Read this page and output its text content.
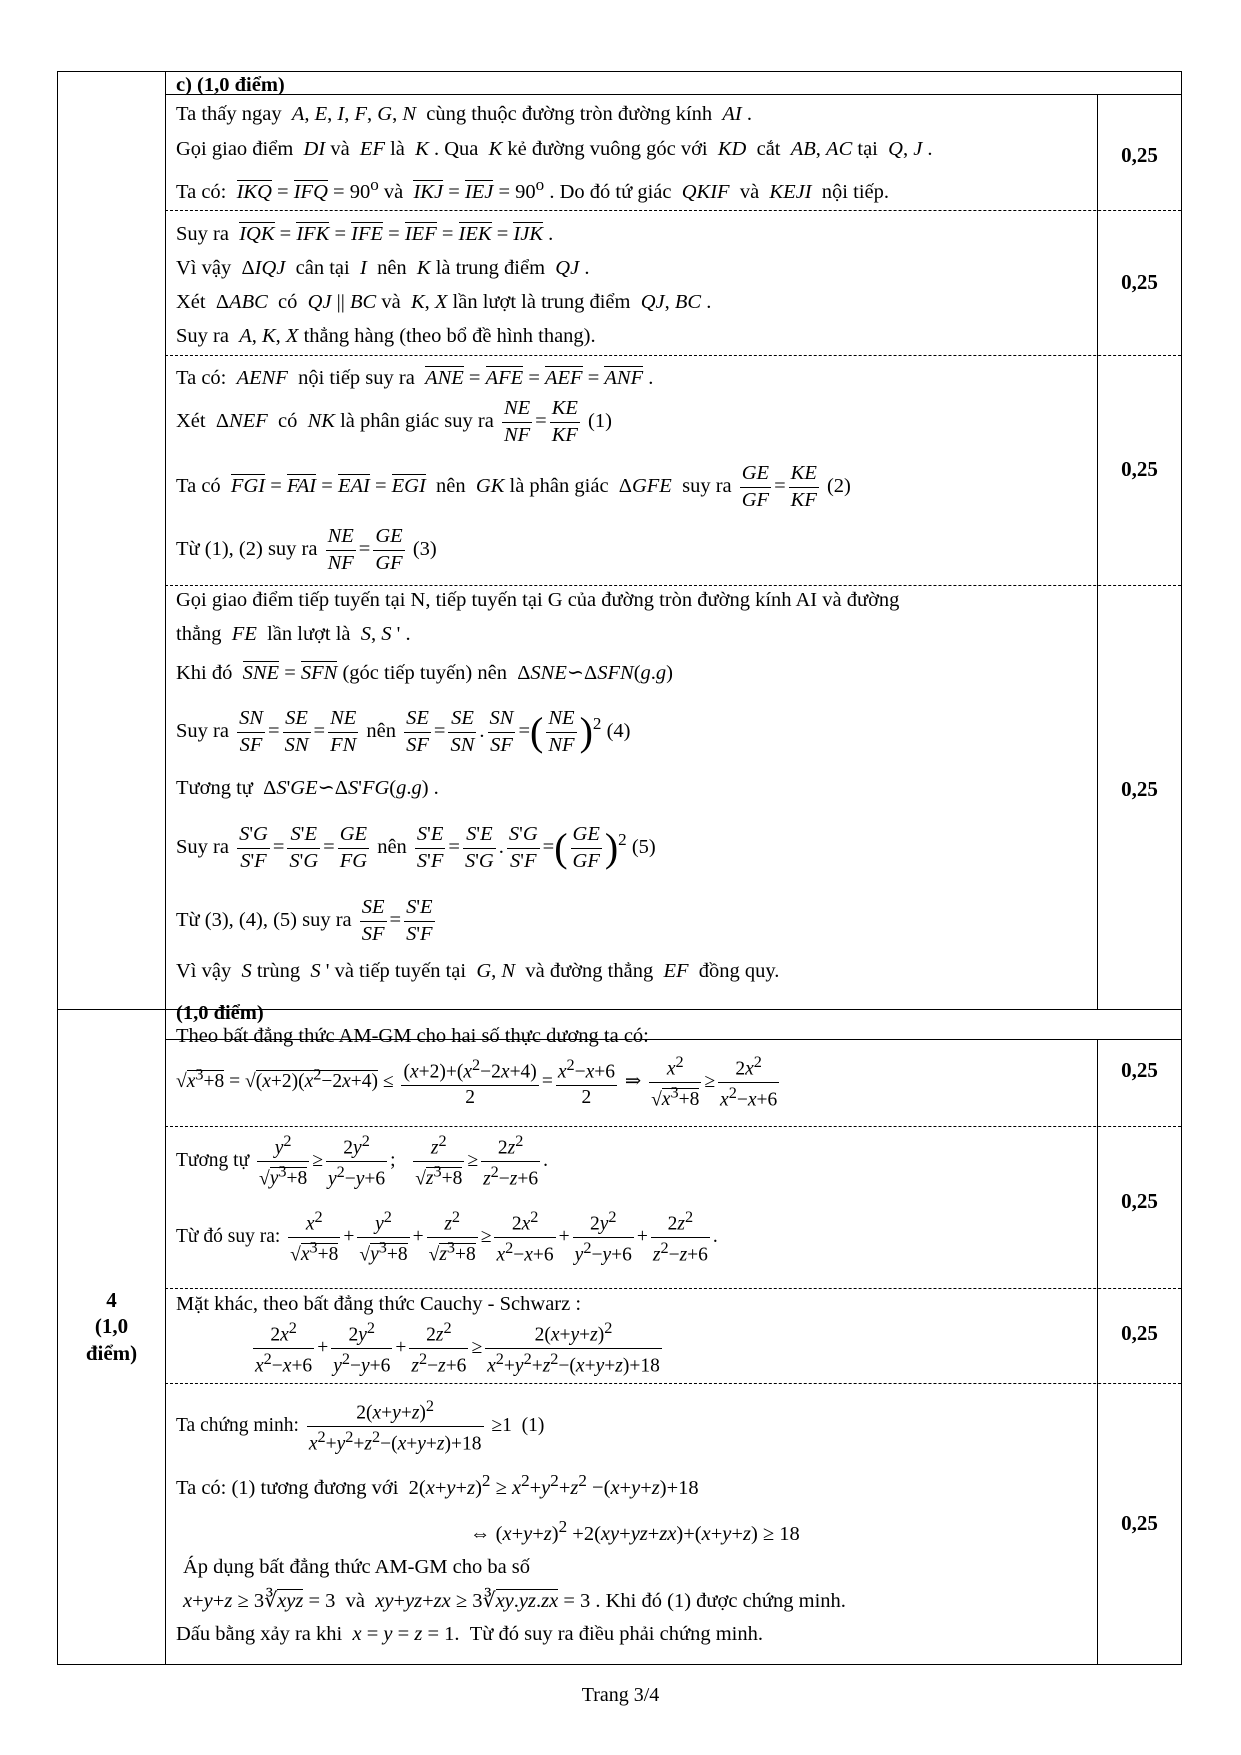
4
(1,0
điểm)
c) (1,0 điểm)
Ta thấy ngay  A, E, I, F, G, N  cùng thuộc đường tròn đường kính  AI .
Gọi giao điểm  DI và  EF là  K . Qua  K kẻ đường vuông góc với  KD  cắt  AB, AC tại  Q, J .
Ta có:  IKQ = IFQ = $90^o$ và  IKJ = IEJ = $90^o$ . Do đó tứ giác  QKIF  và  KEJI  nội tiếp.
0,25
Suy ra  IQK = IFK = IFE = IEF = IEK = IJK .
Vì vậy  ΔIQJ  cân tại  I  nên  K là trung điểm  QJ .
Xét  ΔABC  có  QJ || BC và  K, X lần lượt là trung điểm  QJ, BC .
Suy ra  A, K, X thẳng hàng (theo bổ đề hình thang).
0,25
Ta có:  AENF  nội tiếp suy ra  ANE = AFE = AEF = ANF .
Xét  ΔNEF  có  NK là phân giác suy ra $\frac{NE}{NF} = \frac{KE}{KF} (1)$
Ta có  FGI = FAI = EAI = EGI  nên  GK là phân giác  ΔGFE  suy ra $\frac{GE}{GF} = \frac{KE}{KF} (2)$
Từ (1), (2) suy ra $\frac{NE}{NF} = \frac{GE}{GF} (3)$
0,25
Gọi giao điểm tiếp tuyến tại N, tiếp tuyến tại G của đường tròn đường kính AI và đường
thẳng  FE  lần lượt là  S, S ' .
Khi đó  SNE = SFN (góc tiếp tuyến) nên  ΔSNE∽ΔSFN(g.g)
Suy ra $\frac{SN}{SF} = \frac{SE}{SN} = \frac{NE}{FN}$ nên $\frac{SE}{SF} = \frac{SE}{SN}$ . $\frac{SN}{SF}$ =( $\frac{NE}{NF} )^2$ (4)
Tương tự  ΔS'GE∽ΔS'FG(g.g) .
Suy ra $\frac{S'G}{S'F} = \frac{S'E}{S'G} = \frac{GE}{FG}$ nên $\frac{S'E}{S'F} = \frac{S'E}{S'G}$ . $\frac{S'G}{S'F}$ =( $\frac{GE}{GF} )^2$ (5)
Từ (3), (4), (5) suy ra $\frac{SE}{SF} = \frac{S'E}{S'F}$
Vì vậy  S trùng  S ' và tiếp tuyến tại  G, N  và đường thẳng  EF  đồng quy.
0,25
(1,0 điểm)
Theo bất đẳng thức AM-GM cho hai số thực dương ta có:
$√x^3+8 = √(x+2)(x^2-2x+4) \le \frac{(x+2)+(x^2-2x+4)}{2} = \frac{x^2-x+6}{2}$ ⇒ $\frac{x^2}{√x^3+8} \ge \frac{2x^2}{x^2-x+6}$	0,25
Tương tự $\frac{y^2}{√y^3+8} \ge \frac{2y^2}{y^2-y+6}$ ; $\frac{z^2}{√z^3+8} \ge \frac{2z^2}{z^2-z+6}$ .
Từ đó suy ra: $\frac{x^2}{√x^3+8} + \frac{y^2}{√y^3+8} + \frac{z^2}{√z^3+8} \ge \frac{2x^2}{x^2-x+6} + \frac{2y^2}{y^2-y+6} + \frac{2z^2}{z^2-z+6}$ .
0,25
Mặt khác, theo bất đẳng thức Cauchy - Schwarz :
$\frac{2x^2}{x^2-x+6} + \frac{2y^2}{y^2-y+6} + \frac{2z^2}{z^2-z+6} \ge \frac{2(x+y+z)^2}{x^2+y^2+z^2-(x+y+z)+18}$	0,25
Ta chứng minh: $\frac{2(x+y+z)^2}{x^2+y^2+z^2-(x+y+z)+18} \ge 1$  (1)
Ta có: (1) tương đương với  $2(x+y+z)^2 \ge x^2+y^2+z^2 -(x+y+z)+18$
⇔ $(x+y+z)^2 +2(xy+yz+zx)+(x+y+z) \ge 18$
Áp dụng bất đẳng thức AM-GM cho ba số
x+y+z ≥ 3∛xyz = 3  và  xy+yz+zx ≥ 3∛xy.yz.zx = 3 . Khi đó (1) được chứng minh.
Dấu bằng xảy ra khi  x = y = z = 1.  Từ đó suy ra điều phải chứng minh.
0,25
Trang 3/4
